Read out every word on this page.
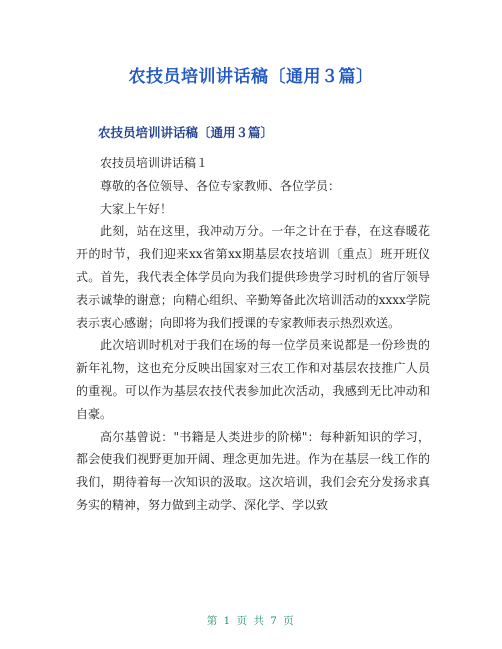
农技员培训讲话稿〔通用３篇〕
农技员培训讲话稿〔通用３篇〕

农技员培训讲话稿１

尊敬的各位领导、各位专家教师、各位学员：

大家上午好！

此刻，站在这里，我冲动万分。一年之计在于春，在这春暖花开的时节，我们迎来xx省第xx期基层农技培训〔重点〕班开班仪式。首先，我代表全体学员向为我们提供珍贵学习时机的省厅领导表示诚挚的谢意；向精心组织、辛勤筹备此次培训活动的xxxx学院表示衷心感谢；向即将为我们授课的专家教师表示热烈欢送。

此次培训时机对于我们在场的每一位学员来说都是一份珍贵的新年礼物，这也充分反映出国家对三农工作和对基层农技推广人员的重视。可以作为基层农技代表参加此次活动，我感到无比冲动和自豪。

高尔基曾说："书籍是人类进步的阶梯"：每种新知识的学习，都会使我们视野更加开阔、理念更加先进。作为在基层一线工作的我们，期待着每一次知识的汲取。这次培训，我们会充分发扬求真务实的精神，努力做到主动学、深化学、学以致

第 1 页 共 7 页
